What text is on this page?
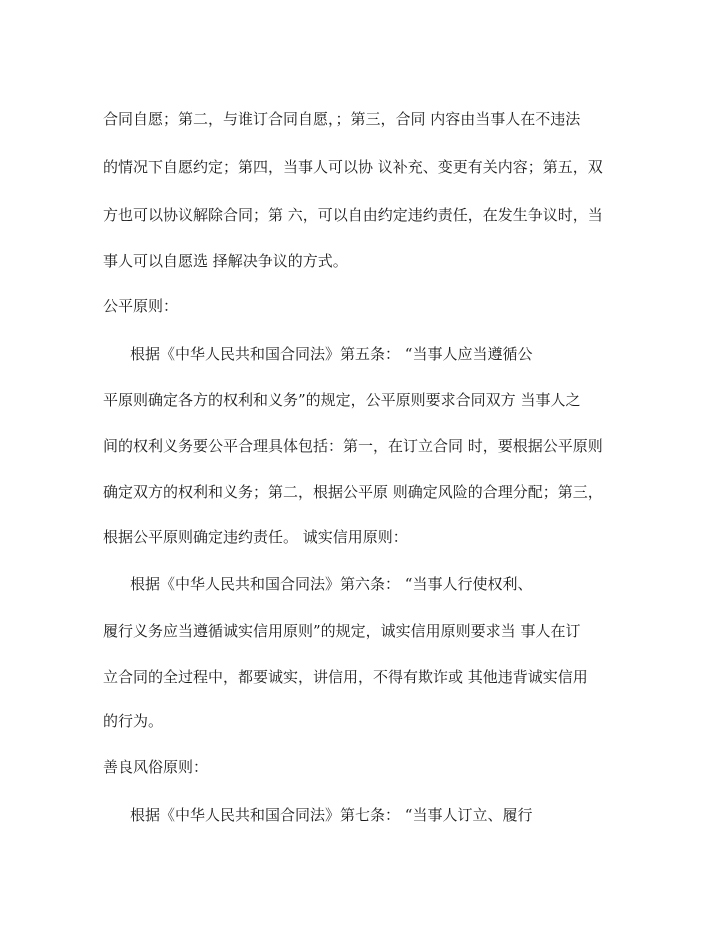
合同自愿；第二，与谁订合同自愿，；第三，合同 内容由当事人在不违法
的情况下自愿约定；第四，当事人可以协 议补充、变更有关内容；第五，双
方也可以协议解除合同；第 六，可以自由约定违约责任，在发生争议时，当
事人可以自愿选 择解决争议的方式。
公平原则：
根据《中华人民共和国合同法》第五条： “当事人应当遵循公
平原则确定各方的权利和义务”的规定，公平原则要求合同双方 当事人之
间的权利义务要公平合理具体包括：第一，在订立合同 时，要根据公平原则
确定双方的权利和义务；第二，根据公平原 则确定风险的合理分配；第三，
根据公平原则确定违约责任。 诚实信用原则：
根据《中华人民共和国合同法》第六条： “当事人行使权利、
履行义务应当遵循诚实信用原则”的规定，诚实信用原则要求当 事人在订
立合同的全过程中，都要诚实，讲信用，不得有欺诈或 其他违背诚实信用
的行为。
善良风俗原则：
根据《中华人民共和国合同法》第七条： “当事人订立、履行
